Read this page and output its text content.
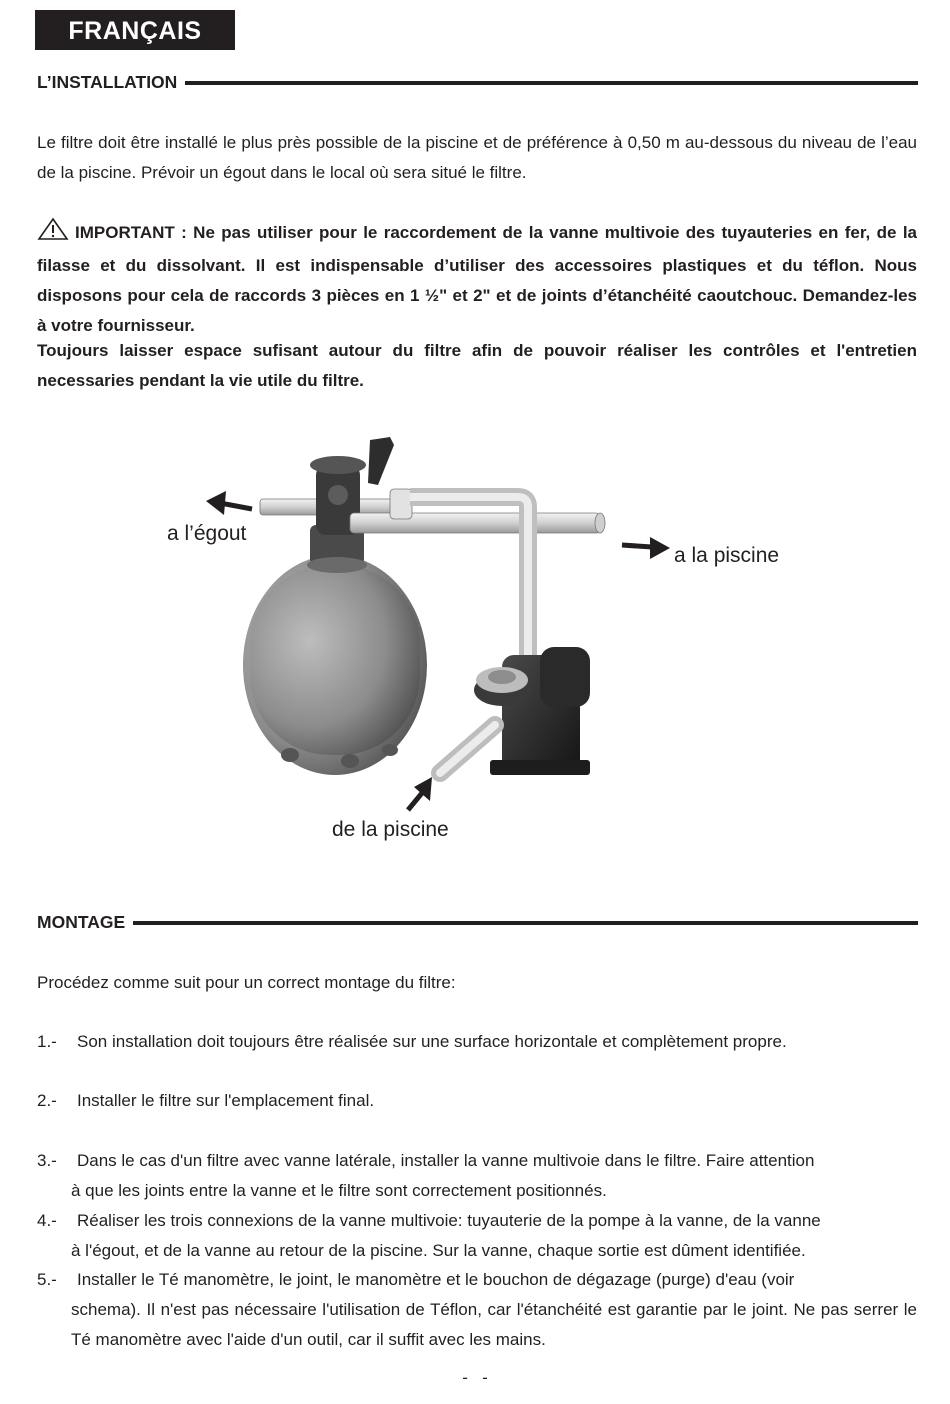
FRANÇAIS
L’INSTALLATION
Le filtre doit être installé le plus près possible de la piscine et de préférence à 0,50 m au-dessous du niveau de l’eau de la piscine. Prévoir un égout dans le local où sera situé le filtre.
IMPORTANT : Ne pas utiliser pour le raccordement de la vanne multivoie des tuyauteries en fer, de la filasse et du dissolvant. Il est indispensable d’utiliser des accessoires plastiques et du téflon. Nous disposons pour cela de raccords 3 pièces en 1 ½" et 2" et de joints d’étanchéité caoutchouc. Demandez-les à votre fournisseur.
Toujours laisser espace sufisant autour du filtre afin de pouvoir réaliser les contrôles et l'entretien necessaries pendant la vie utile du filtre.
a l’égout
a la piscine
de la piscine
MONTAGE
Procédez comme suit pour un correct montage du filtre:
1.- Son installation doit toujours être réalisée sur une surface horizontale et complètement propre.
2.- Installer le filtre sur l'emplacement final.
3.- Dans le cas d'un filtre avec vanne latérale, installer la vanne multivoie dans le filtre. Faire attention
à que les joints entre la vanne et le filtre sont correctement positionnés.
4.- Réaliser les trois connexions de la vanne multivoie: tuyauterie de la pompe à la vanne, de la vanne
à l'égout, et de la vanne au retour de la piscine. Sur la vanne, chaque sortie est dûment identifiée.
5.- Installer le Té manomètre, le joint, le manomètre et le bouchon de dégazage (purge) d'eau (voir
schema). Il n'est pas nécessaire l'utilisation de Téflon, car l'étanchéité est garantie par le joint. Ne pas serrer le Té manomètre avec l'aide d'un outil, car il suffit avec les mains.
-   -
